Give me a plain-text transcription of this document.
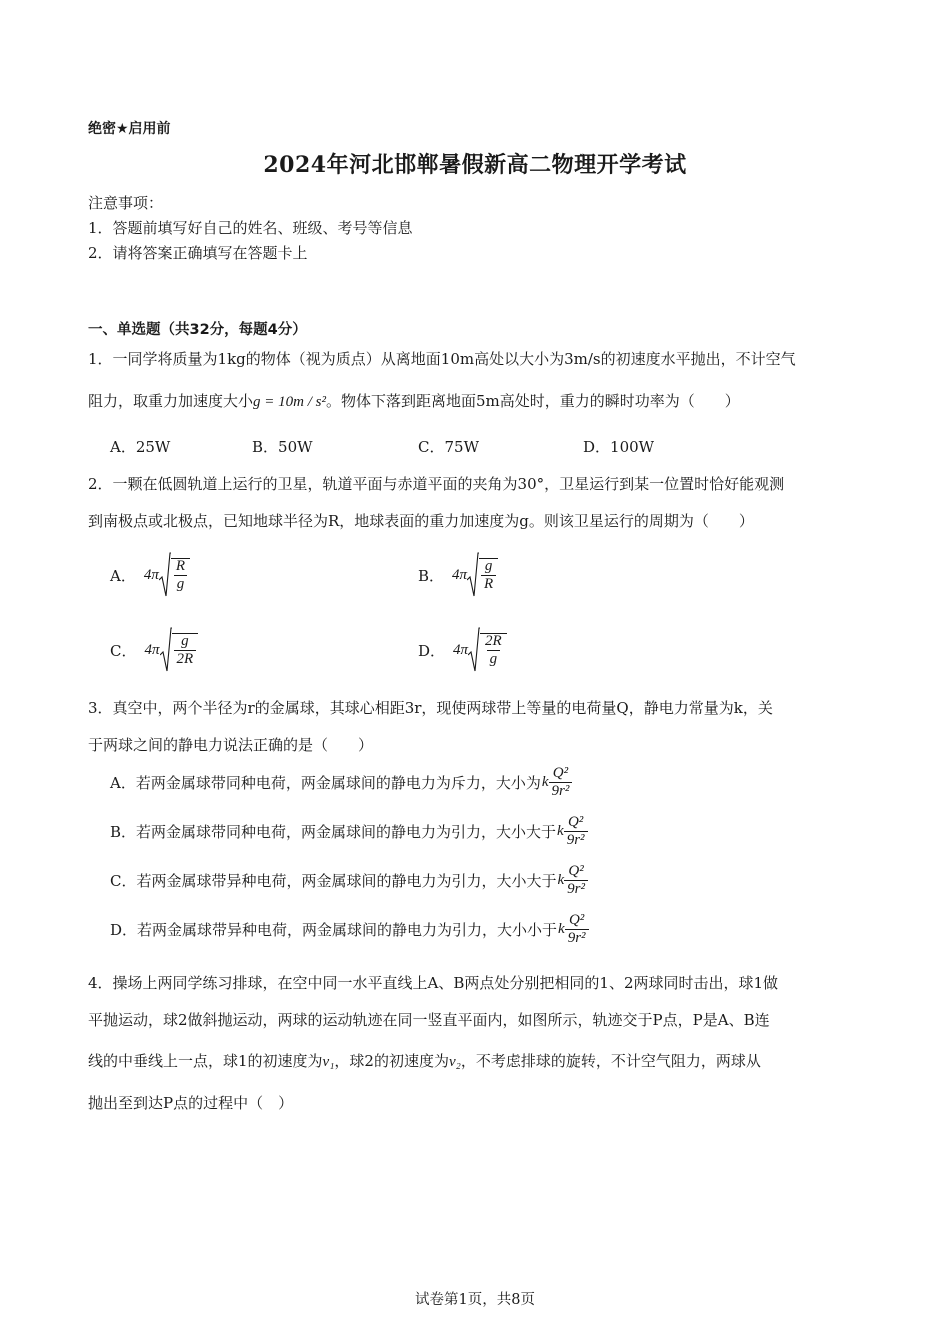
绝密★启用前
2024年河北邯郸暑假新高二物理开学考试
注意事项：
1．答题前填写好自己的姓名、班级、考号等信息
2．请将答案正确填写在答题卡上
一、单选题（共32分，每题4分）
1．一同学将质量为1kg的物体（视为质点）从离地面10m高处以大小为3m/s的初速度水平抛出，不计空气
阻力，取重力加速度大小g = 10m / s²。物体下落到距离地面5m高处时，重力的瞬时功率为（　　）
A．25W	B．50W	C．75W	D．100W
2．一颗在低圆轨道上运行的卫星，轨道平面与赤道平面的夹角为30°，卫星运行到某一位置时恰好能观测
到南极点或北极点，已知地球半径为R，地球表面的重力加速度为g。则该卫星运行的周期为（　　）
A． $4\pi \frac{R}{g}$	B． $4\pi \frac{g}{R}$
C． $4\pi \frac{g}{2R}$	D． $4\pi \frac{2R}{g}$
3．真空中，两个半径为r的金属球，其球心相距3r，现使两球带上等量的电荷量Q，静电力常量为k，关
于两球之间的静电力说法正确的是（　　）
A．若两金属球带同种电荷，两金属球间的静电力为斥力，大小为 k $\frac{\text{Q²}}{\text{9r²}}$
B．若两金属球带同种电荷，两金属球间的静电力为引力，大小大于 k $\frac{\text{Q²}}{\text{9r²}}$
C．若两金属球带异种电荷，两金属球间的静电力为引力，大小大于 k $\frac{\text{Q²}}{\text{9r²}}$
D．若两金属球带异种电荷，两金属球间的静电力为引力，大小小于 k $\frac{\text{Q²}}{\text{9r²}}$
4．操场上两同学练习排球，在空中同一水平直线上A、B两点处分别把相同的1、2两球同时击出，球1做
平抛运动，球2做斜抛运动，两球的运动轨迹在同一竖直平面内，如图所示，轨迹交于P点，P是A、B连
线的中垂线上一点，球1的初速度为v₁，球2的初速度为v₂，不考虑排球的旋转，不计空气阻力，两球从
抛出至到达P点的过程中（　）
试卷第1页，共8页
